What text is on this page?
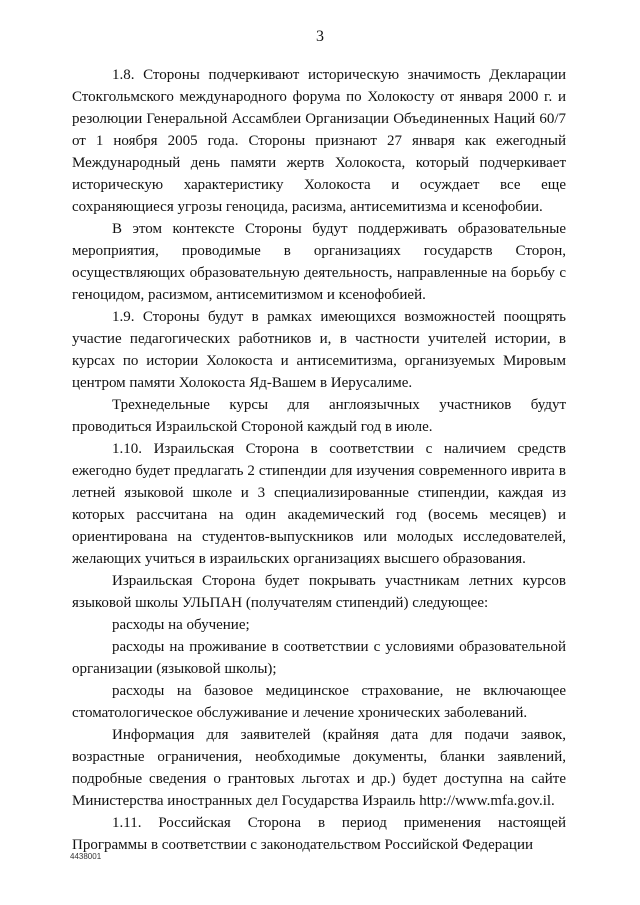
3

1.8. Стороны подчеркивают историческую значимость Декларации Стокгольмского международного форума по Холокосту от января 2000 г. и резолюции Генеральной Ассамблеи Организации Объединенных Наций 60/7 от 1 ноября 2005 года. Стороны признают 27 января как ежегодный Международный день памяти жертв Холокоста, который подчеркивает историческую характеристику Холокоста и осуждает все еще сохраняющиеся угрозы геноцида, расизма, антисемитизма и ксенофобии.

В этом контексте Стороны будут поддерживать образовательные мероприятия, проводимые в организациях государств Сторон, осуществляющих образовательную деятельность, направленные на борьбу с геноцидом, расизмом, антисемитизмом и ксенофобией.

1.9. Стороны будут в рамках имеющихся возможностей поощрять участие педагогических работников и, в частности учителей истории, в курсах по истории Холокоста и антисемитизма, организуемых Мировым центром памяти Холокоста Яд-Вашем в Иерусалиме.

Трехнедельные курсы для англоязычных участников будут проводиться Израильской Стороной каждый год в июле.

1.10. Израильская Сторона в соответствии с наличием средств ежегодно будет предлагать 2 стипендии для изучения современного иврита в летней языковой школе и 3 специализированные стипендии, каждая из которых рассчитана на один академический год (восемь месяцев) и ориентирована на студентов-выпускников или молодых исследователей, желающих учиться в израильских организациях высшего образования.

Израильская Сторона будет покрывать участникам летних курсов языковой школы УЛЬПАН (получателям стипендий) следующее:

расходы на обучение;

расходы на проживание в соответствии с условиями образовательной организации (языковой школы);

расходы на базовое медицинское страхование, не включающее стоматологическое обслуживание и лечение хронических заболеваний.

Информация для заявителей (крайняя дата для подачи заявок, возрастные ограничения, необходимые документы, бланки заявлений, подробные сведения о грантовых льготах и др.) будет доступна на сайте Министерства иностранных дел Государства Израиль http://www.mfa.gov.il.

1.11. Российская Сторона в период применения настоящей Программы в соответствии с законодательством Российской Федерации

4438001
